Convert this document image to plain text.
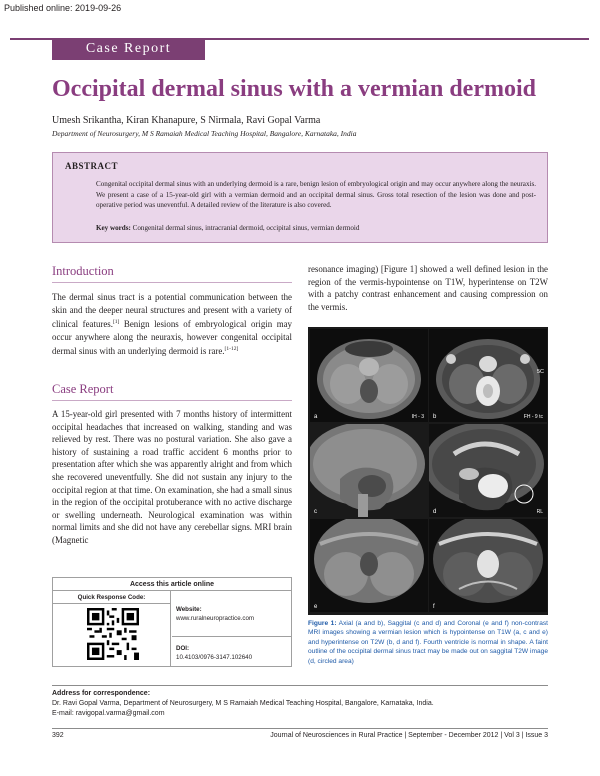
Published online: 2019-09-26
Case Report
Occipital dermal sinus with a vermian dermoid
Umesh Srikantha, Kiran Khanapure, S Nirmala, Ravi Gopal Varma
Department of Neurosurgery, M S Ramaiah Medical Teaching Hospital, Bangalore, Karnataka, India
ABSTRACT

Congenital occipital dermal sinus with an underlying dermoid is a rare, benign lesion of embryological origin and may occur anywhere along the neuraxis. We present a case of a 15-year-old girl with a vermian dermoid and an occipital dermal sinus. Gross total resection of the lesion was done and post-operative period was uneventful. A detailed review of the literature is also covered.

Key words: Congenital dermal sinus, intracranial dermoid, occipital sinus, vermian dermoid
Introduction

The dermal sinus tract is a potential communication between the skin and the deeper neural structures and present with a variety of clinical features.[1] Benign lesions of embryological origin may occur anywhere along the neuraxis, however congenital occipital dermal sinus with an underlying dermoid is rare.[1-12]

Case Report

A 15-year-old girl presented with 7 months history of intermittent occipital headaches that increased on walking, standing and was relieved by rest. There was no postural variation. She also gave a history of sustaining a road traffic accident 6 months prior to presentation after which she was apparently alright and from which she recovered uneventfully. She did not sustain any injury to the occipital region at that time. On examination, she had a small sinus in the region of the occipital protuberance with no active discharge or swelling underneath. Neurological examination was within normal limits and she did not have any cerebellar signs. MRI brain (Magnetic

resonance imaging) [Figure 1] showed a well defined lesion in the region of the vermis-hypointense on T1W, hyperintense on T2W with a patchy contrast enhancement and causing compression on the vermis.

a	IH - 3 b	FH - 9 tc
5C
c	d	RL
e	f

Figure 1: Axial (a and b), Saggital (c and d) and Coronal (e and f) non-contrast MRI images showing a vermian lesion which is hypointense on T1W (a, c and e) and hyperintense on T2W (b, d and f). Fourth ventricle is normal in shape. A faint outline of the occipital dermal sinus tract may be made out on saggital T2W image (d, circled area)

Access this article online
Quick Response Code:
Website:
www.ruralneuropractice.com
DOI:
10.4103/0976-3147.102640
Address for correspondence:
Dr. Ravi Gopal Varma, Department of Neurosurgery, M S Ramaiah Medical Teaching Hospital, Bangalore, Karnataka, India.
E-mail: ravigopal.varma@gmail.com
392	Journal of Neurosciences in Rural Practice | September - December 2012 | Vol 3 | Issue 3
